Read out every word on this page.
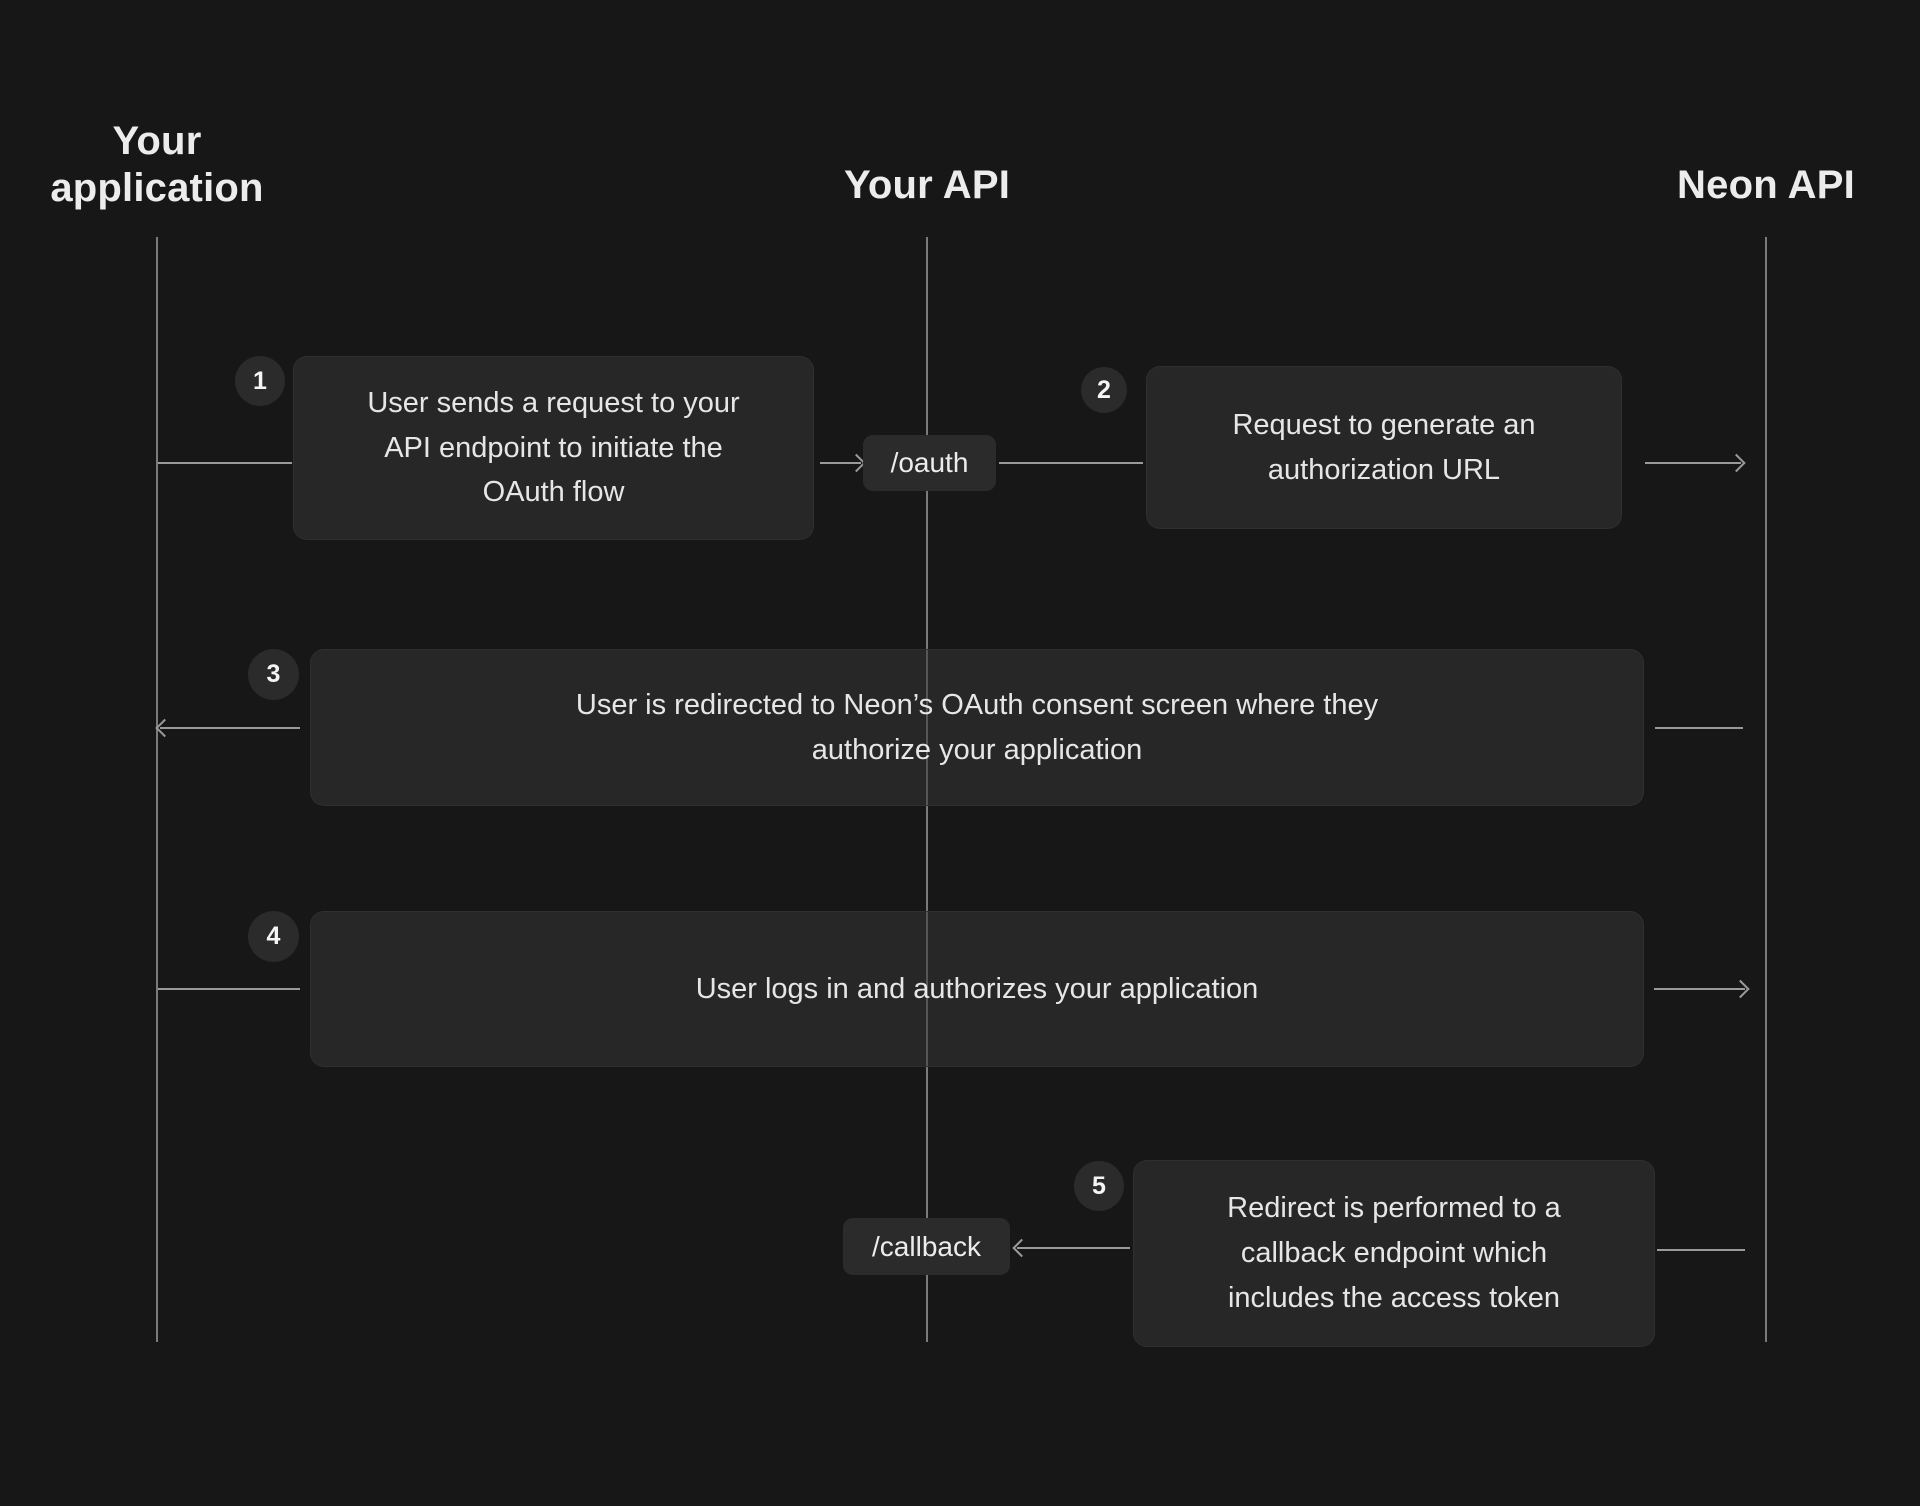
Your application	Your API	Neon API
1
User sends a request to your API endpoint to initiate the OAuth flow
/oauth
2
Request to generate an authorization URL
3
User is redirected to Neon’s OAuth consent screen where they authorize your application
4
User logs in and authorizes your application
/callback
5
Redirect is performed to a callback endpoint which includes the access token
